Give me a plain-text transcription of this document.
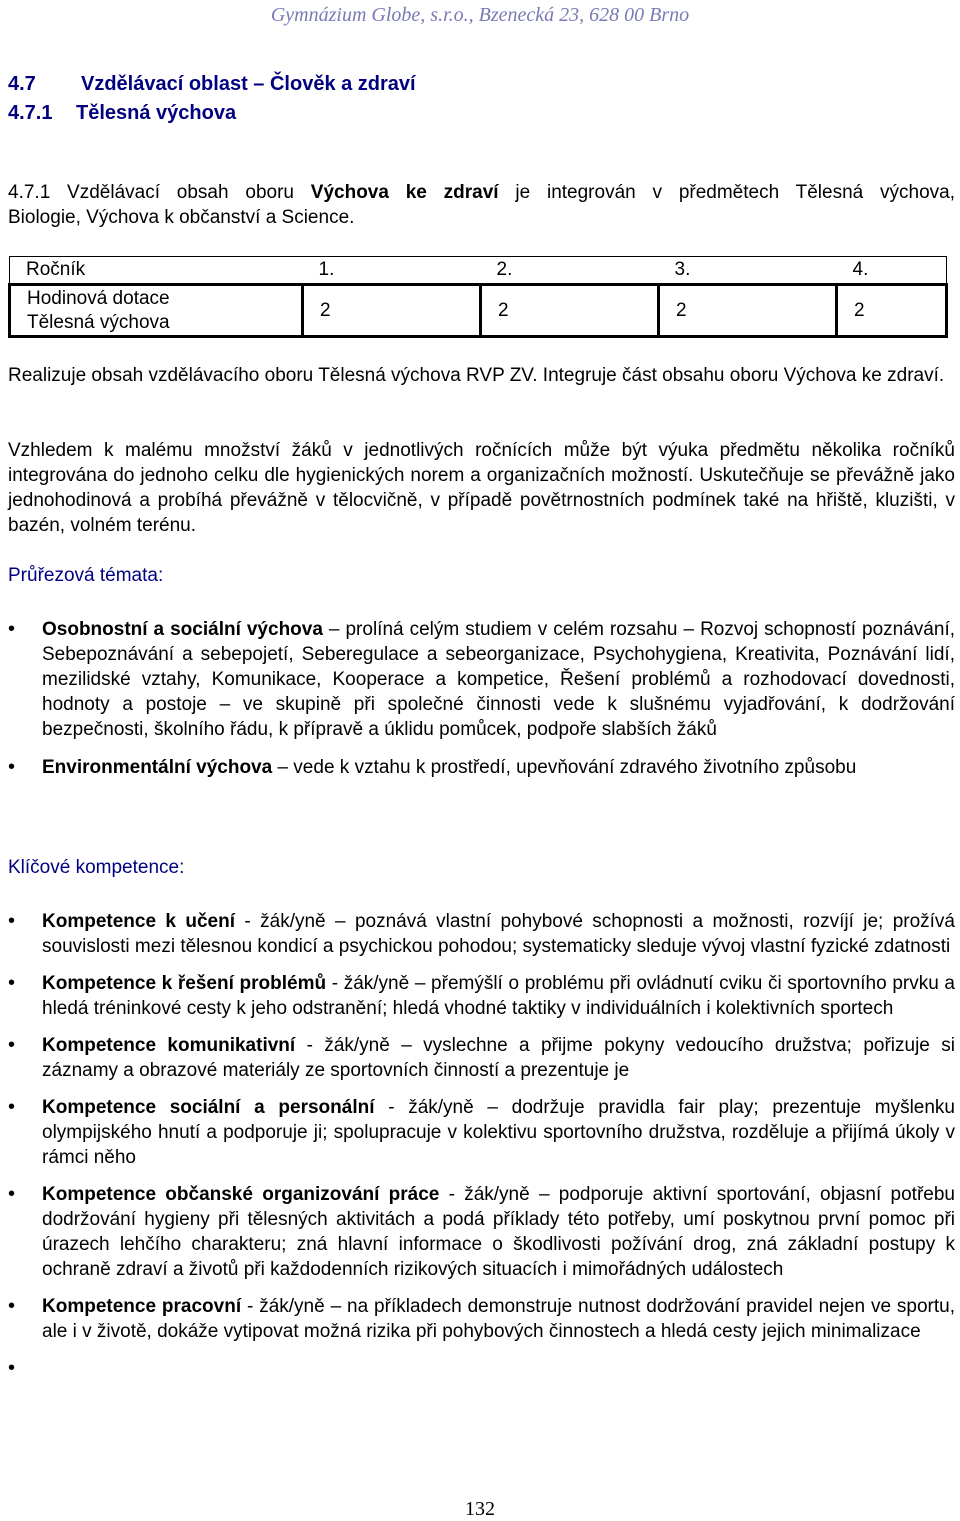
Gymnázium Globe, s.r.o., Bzenecká 23, 628 00 Brno
4.7 Vzdělávací oblast – Člověk a zdraví
4.7.1 Tělesná výchova
4.7.1 Vzdělávací obsah oboru Výchova ke zdraví je integrován v předmětech Tělesná výchova,
Biologie, Výchova k občanství a Science.
Ročník	1.	2.	3.	4.

Hodinová dotace
Tělesná výchova	2	2	2	2
Realizuje obsah vzdělávacího oboru Tělesná výchova RVP ZV. Integruje část obsahu oboru Výchova ke zdraví.
Vzhledem k malému množství žáků v jednotlivých ročnících může být výuka předmětu několika ročníků integrována do jednoho celku dle hygienických norem a organizačních možností. Uskutečňuje se převážně jako jednohodinová a probíhá převážně v tělocvičně, v případě povětrnostních podmínek také na hřiště, kluzišti, v bazén, volném terénu.
Průřezová témata:
•	Osobnostní a sociální výchova – prolíná celým studiem v celém rozsahu – Rozvoj schopností poznávání, Sebepoznávání a sebepojetí, Seberegulace a sebeorganizace, Psychohygiena, Kreativita, Poznávání lidí, mezilidské vztahy, Komunikace, Kooperace a kompetice, Řešení problémů a rozhodovací dovednosti, hodnoty a postoje – ve skupině při společné činnosti vede k slušnému vyjadřování, k dodržování bezpečnosti, školního řádu, k přípravě a úklidu pomůcek, podpoře slabších žáků
•	Environmentální výchova – vede k vztahu k prostředí, upevňování zdravého životního způsobu
Klíčové kompetence:
•	Kompetence k učení - žák/yně – poznává vlastní pohybové schopnosti a možnosti, rozvíjí je; prožívá souvislosti mezi tělesnou kondicí a psychickou pohodou; systematicky sleduje vývoj vlastní fyzické zdatnosti
•	Kompetence k řešení problémů - žák/yně – přemýšlí o problému při ovládnutí cviku či sportovního prvku a hledá tréninkové cesty k jeho odstranění; hledá vhodné taktiky v individuálních i kolektivních sportech
•	Kompetence komunikativní - žák/yně – vyslechne a přijme pokyny vedoucího družstva; pořizuje si záznamy a obrazové materiály ze sportovních činností a prezentuje je
•	Kompetence sociální a personální - žák/yně – dodržuje pravidla fair play; prezentuje myšlenku olympijského hnutí a podporuje ji; spolupracuje v kolektivu sportovního družstva, rozděluje a přijímá úkoly v rámci něho
•	Kompetence občanské organizování práce - žák/yně – podporuje aktivní sportování, objasní potřebu dodržování hygieny při tělesných aktivitách a podá příklady této potřeby, umí poskytnou první pomoc při úrazech lehčího charakteru; zná hlavní informace o škodlivosti požívání drog, zná základní postupy k ochraně zdraví a životů při každodenních rizikových situacích i mimořádných událostech
•	Kompetence pracovní - žák/yně – na příkladech demonstruje nutnost dodržování pravidel nejen ve sportu, ale i v životě, dokáže vytipovat možná rizika při pohybových činnostech a hledá cesty jejich minimalizace
•
132
